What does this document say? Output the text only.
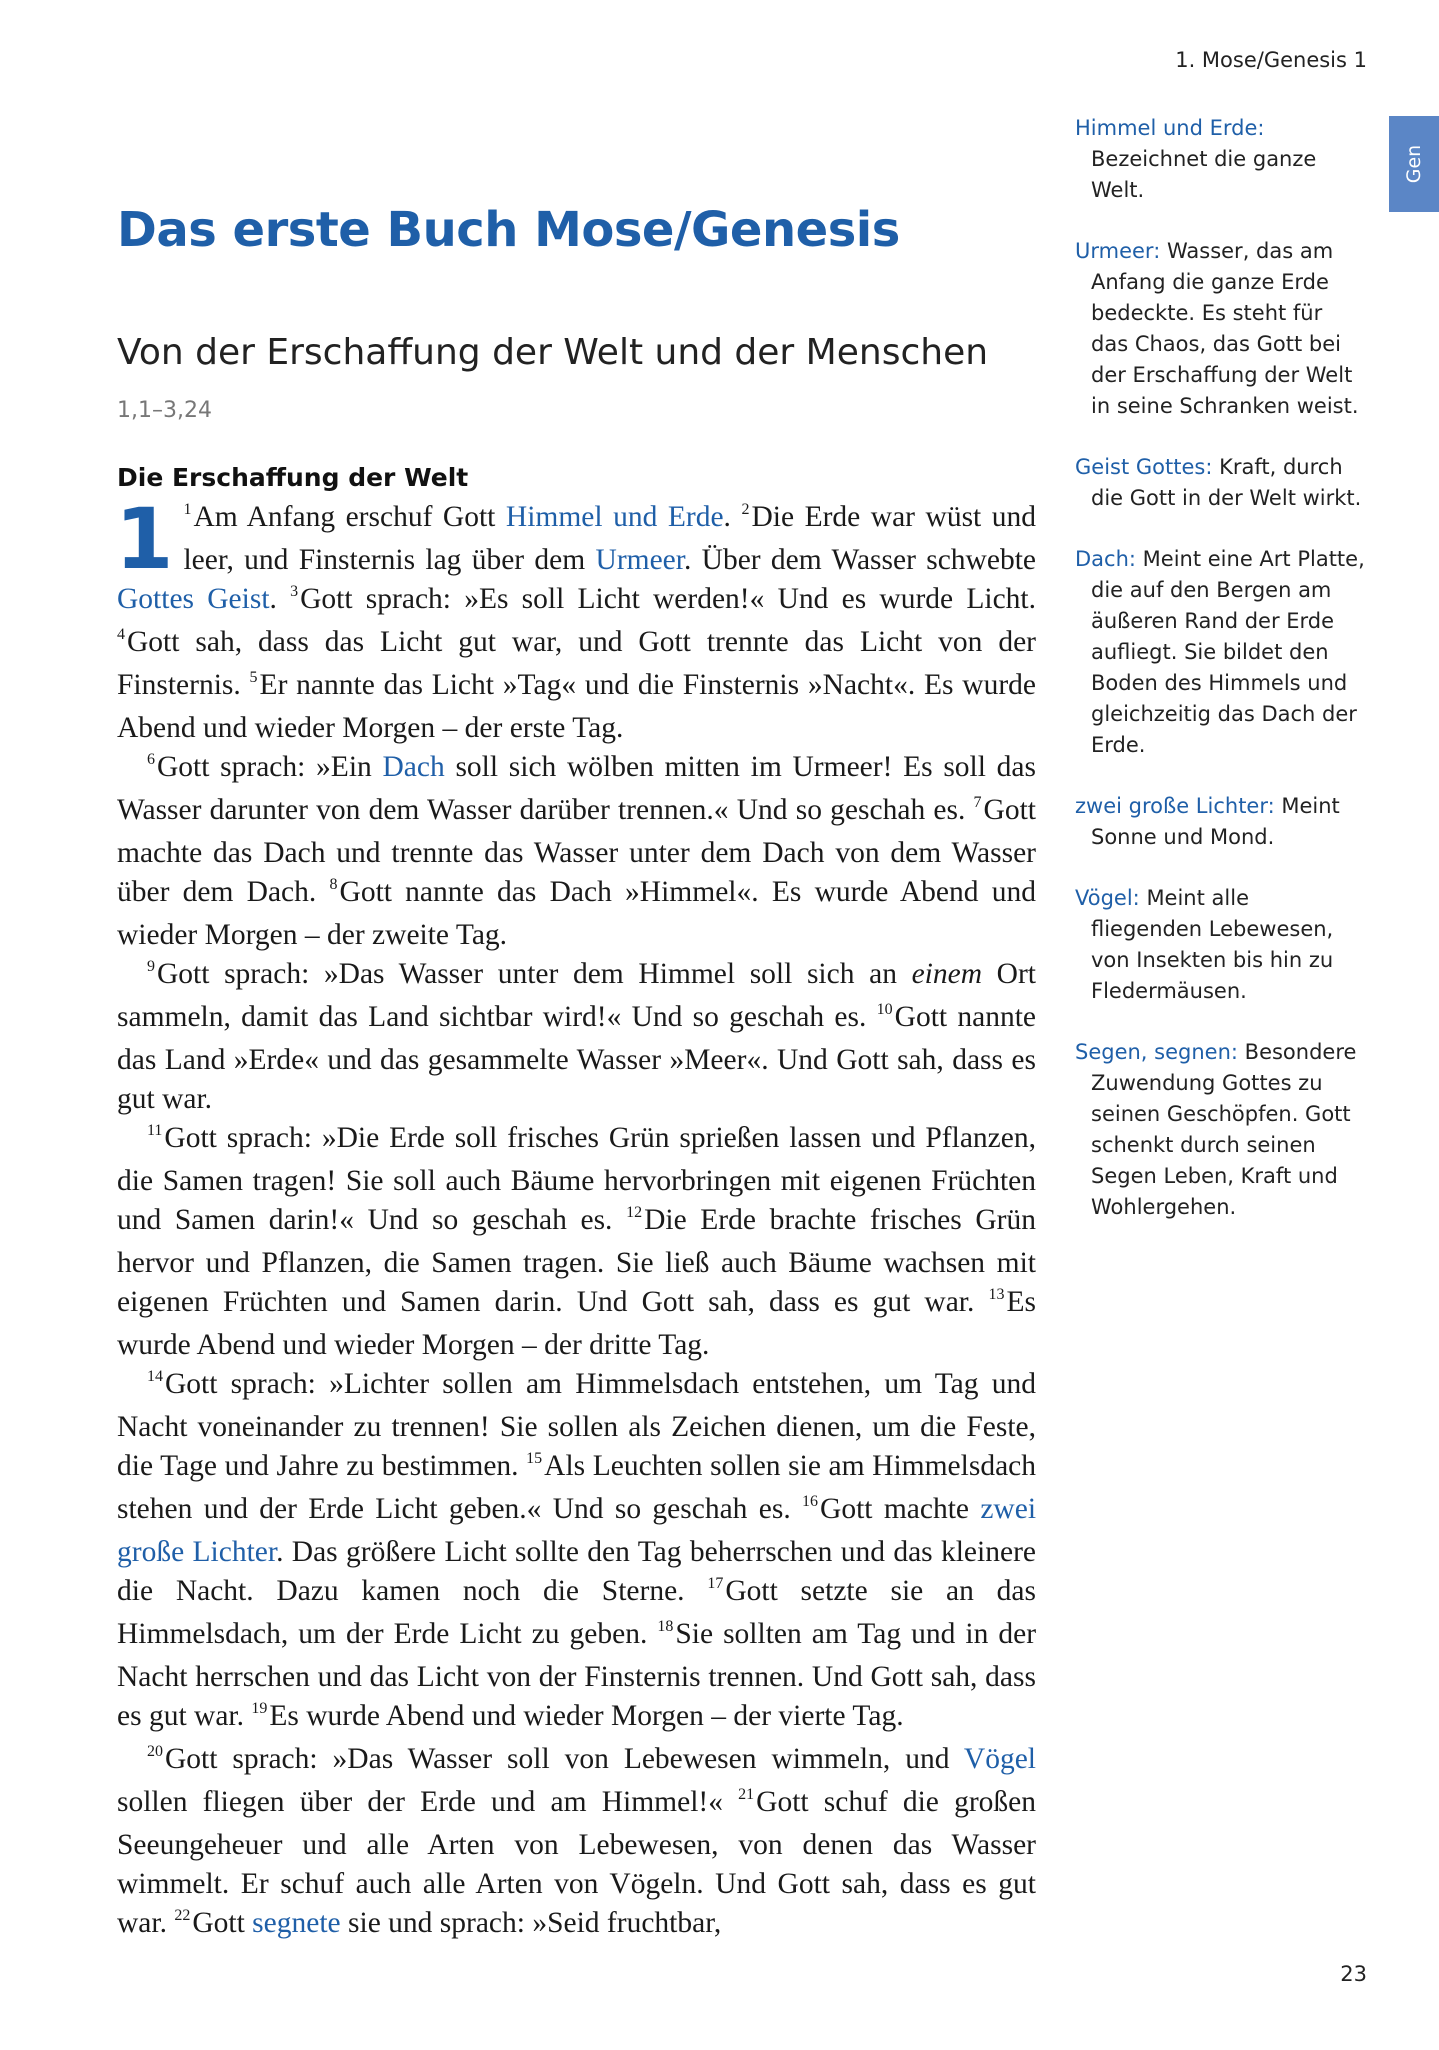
1. Mose/Genesis 1
Gen
Das erste Buch Mose/Genesis
Von der Erschaffung der Welt und der Menschen
1,1–3,24
Die Erschaffung der Welt

1 $^1$Am Anfang erschuf Gott Himmel und Erde. $^2$Die Erde war wüst und leer, und Finsternis lag über dem Urmeer. Über dem Wasser schwebte Gottes Geist. $^3$Gott sprach: »Es soll Licht werden!« Und es wurde Licht. $^4$Gott sah, dass das Licht gut war, und Gott trennte das Licht von der Finsternis. $^5$Er nannte das Licht »Tag« und die Finsternis »Nacht«. Es wurde Abend und wieder Morgen – der erste Tag.

$^6$Gott sprach: »Ein Dach soll sich wölben mitten im Urmeer! Es soll das Wasser darunter von dem Wasser darüber trennen.« Und so geschah es. $^7$Gott machte das Dach und trennte das Wasser unter dem Dach von dem Wasser über dem Dach. $^8$Gott nannte das Dach »Himmel«. Es wurde Abend und wieder Morgen – der zweite Tag.

$^9$Gott sprach: »Das Wasser unter dem Himmel soll sich an einem Ort sammeln, damit das Land sichtbar wird!« Und so geschah es. $^{10}$Gott nannte das Land »Erde« und das gesammelte Wasser »Meer«. Und Gott sah, dass es gut war.

$^{11}$Gott sprach: »Die Erde soll frisches Grün sprießen lassen und Pflanzen, die Samen tragen! Sie soll auch Bäume hervorbringen mit eigenen Früchten und Samen darin!« Und so geschah es. $^{12}$Die Erde brachte frisches Grün hervor und Pflanzen, die Samen tragen. Sie ließ auch Bäume wachsen mit eigenen Früchten und Samen darin. Und Gott sah, dass es gut war. $^{13}$Es wurde Abend und wieder Morgen – der dritte Tag.

$^{14}$Gott sprach: »Lichter sollen am Himmelsdach entstehen, um Tag und Nacht voneinander zu trennen! Sie sollen als Zeichen dienen, um die Feste, die Tage und Jahre zu bestimmen. $^{15}$Als Leuchten sollen sie am Himmelsdach stehen und der Erde Licht geben.« Und so geschah es. $^{16}$Gott machte zwei große Lichter. Das größere Licht sollte den Tag beherrschen und das kleinere die Nacht. Dazu kamen noch die Sterne. $^{17}$Gott setzte sie an das Himmelsdach, um der Erde Licht zu geben. $^{18}$Sie sollten am Tag und in der Nacht herrschen und das Licht von der Finsternis trennen. Und Gott sah, dass es gut war. $^{19}$Es wurde Abend und wieder Morgen – der vierte Tag.

$^{20}$Gott sprach: »Das Wasser soll von Lebewesen wimmeln, und Vögel sollen fliegen über der Erde und am Himmel!« $^{21}$Gott schuf die großen Seeungeheuer und alle Arten von Lebewesen, von denen das Wasser wimmelt. Er schuf auch alle Arten von Vögeln. Und Gott sah, dass es gut war. $^{22}$Gott segnete sie und sprach: »Seid fruchtbar,

Himmel und Erde: Bezeichnet die ganze Welt.

Urmeer: Wasser, das am Anfang die ganze Erde bedeckte. Es steht für das Chaos, das Gott bei der Erschaffung der Welt in seine Schranken weist.

Geist Gottes: Kraft, durch die Gott in der Welt wirkt.

Dach: Meint eine Art Platte, die auf den Bergen am äußeren Rand der Erde aufliegt. Sie bildet den Boden des Himmels und gleichzeitig das Dach der Erde.

zwei große Lichter: Meint Sonne und Mond.

Vögel: Meint alle fliegenden Lebewesen, von Insekten bis hin zu Fledermäusen.

Segen, segnen: Besondere Zuwendung Gottes zu seinen Geschöpfen. Gott schenkt durch seinen Segen Leben, Kraft und Wohlergehen.

23
